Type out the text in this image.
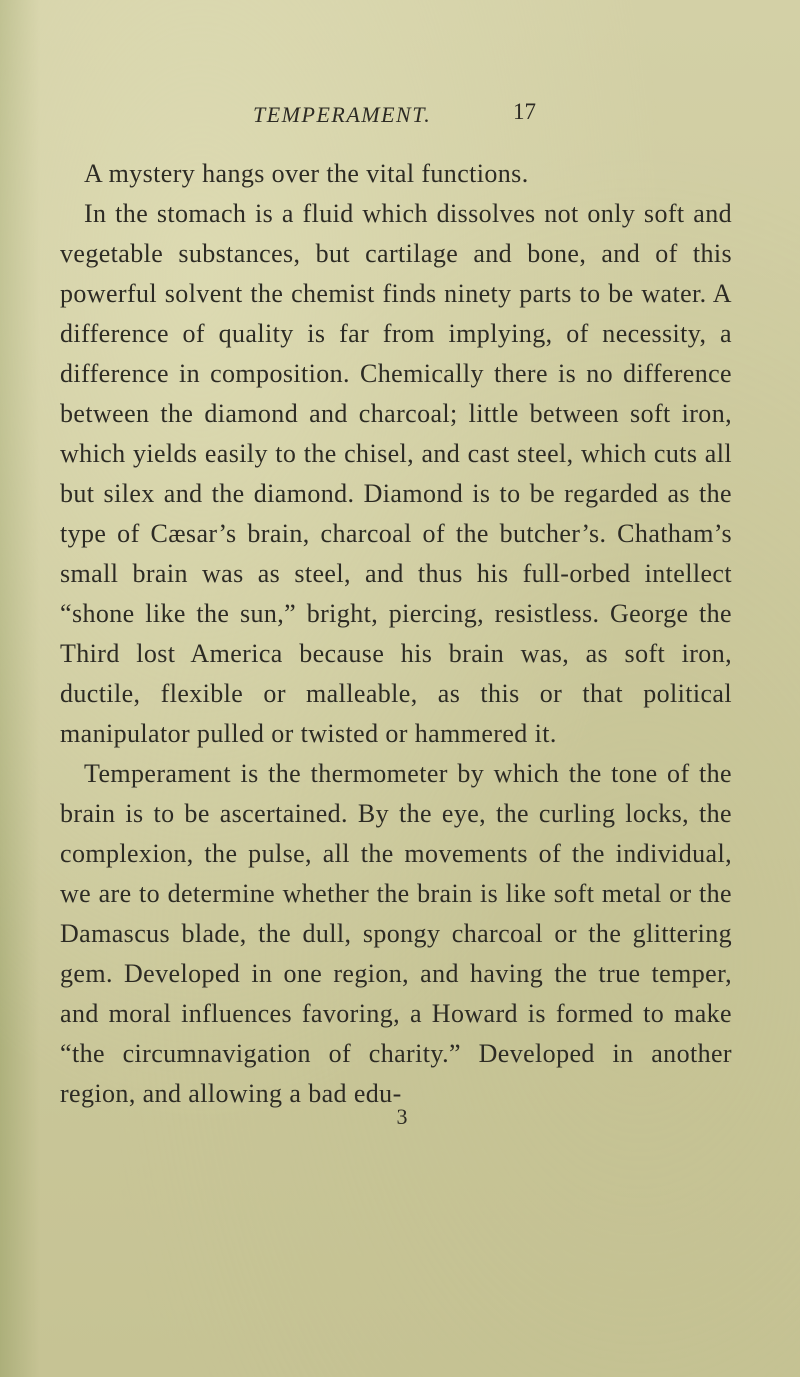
TEMPERAMENT.	17

A mystery hangs over the vital functions.

In the stomach is a fluid which dissolves not only soft and vegetable substances, but cartilage and bone, and of this powerful solvent the chemist finds ninety parts to be water. A difference of quality is far from implying, of necessity, a difference in composition. Chemically there is no difference between the diamond and charcoal; little between soft iron, which yields easily to the chisel, and cast steel, which cuts all but silex and the diamond. Diamond is to be regarded as the type of Cæsar’s brain, charcoal of the butcher’s. Chatham’s small brain was as steel, and thus his full-orbed intellect “shone like the sun,” bright, piercing, resistless. George the Third lost America because his brain was, as soft iron, ductile, flexible or malleable, as this or that political manipulator pulled or twisted or hammered it.

Temperament is the thermometer by which the tone of the brain is to be ascertained. By the eye, the curling locks, the complexion, the pulse, all the movements of the individual, we are to determine whether the brain is like soft metal or the Damascus blade, the dull, spongy charcoal or the glittering gem. Developed in one region, and having the true temper, and moral influences favoring, a Howard is formed to make “the circumnavigation of charity.” Developed in another region, and allowing a bad edu-

3
